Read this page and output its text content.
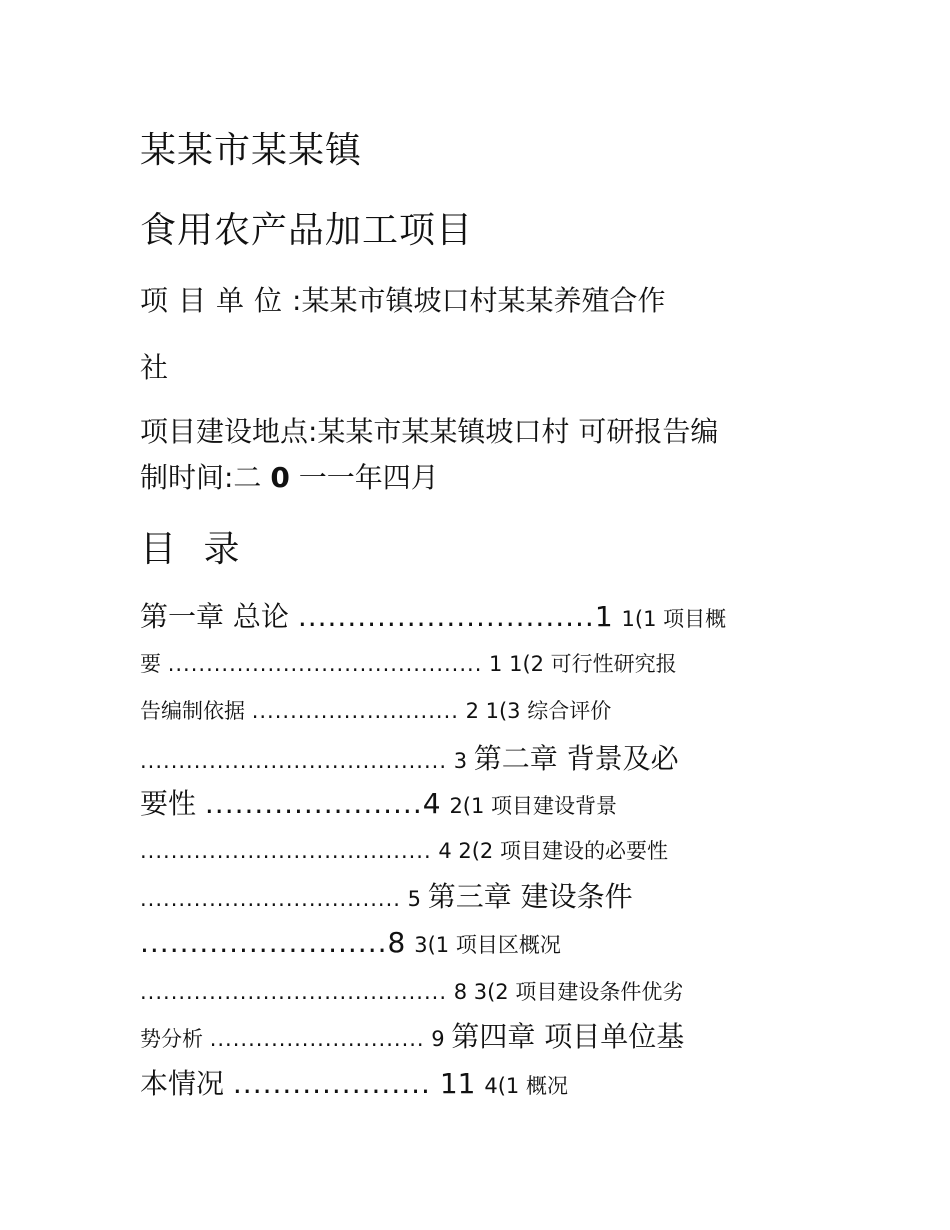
某某市某某镇
食用农产品加工项目
项目单位:某某市镇坡口村某某养殖合作
社
项目建设地点:某某市某某镇坡口村 可研报告编
制时间:二 0 一一年四月
目 录
第一章 总论 ..............................1 1(1 项目概
要 ......................................... 1 1(2 可行性研究报
告编制依据 ........................... 2 1(3 综合评价
........................................ 3 第二章 背景及必
要性 ......................4 2(1 项目建设背景
...................................... 4 2(2 项目建设的必要性
.................................. 5 第三章 建设条件
.........................8 3(1 项目区概况
........................................ 8 3(2 项目建设条件优劣
势分析 ............................ 9 第四章 项目单位基
本情况 .................... 11 4(1 概况
